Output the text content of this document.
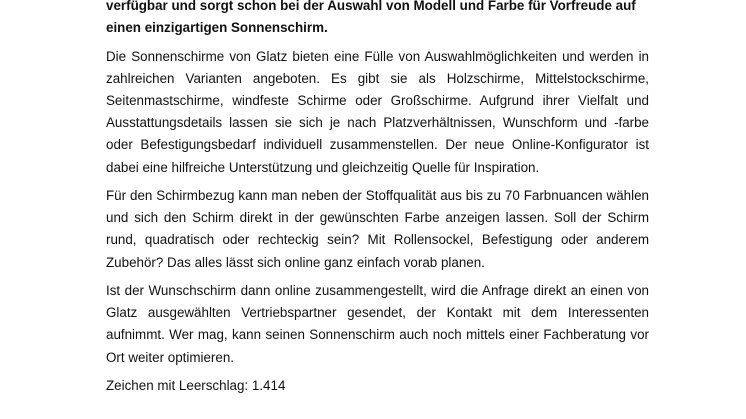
verfügbar und sorgt schon bei der Auswahl von Modell und Farbe für Vorfreude auf einen einzigartigen Sonnenschirm.

Die Sonnenschirme von Glatz bieten eine Fülle von Auswahlmöglichkeiten und werden in zahlreichen Varianten angeboten. Es gibt sie als Holzschirme, Mittelstockschirme, Seitenmastschirme, windfeste Schirme oder Großschirme. Aufgrund ihrer Vielfalt und Ausstattungsdetails lassen sie sich je nach Platzverhältnissen, Wunschform und -farbe oder Befestigungsbedarf individuell zusammenstellen. Der neue Online-Konfigurator ist dabei eine hilfreiche Unterstützung und gleichzeitig Quelle für Inspiration.

Für den Schirmbezug kann man neben der Stoffqualität aus bis zu 70 Farbnuancen wählen und sich den Schirm direkt in der gewünschten Farbe anzeigen lassen. Soll der Schirm rund, quadratisch oder rechteckig sein? Mit Rollensockel, Befestigung oder anderem Zubehör? Das alles lässt sich online ganz einfach vorab planen.

Ist der Wunschschirm dann online zusammengestellt, wird die Anfrage direkt an einen von Glatz ausgewählten Vertriebspartner gesendet, der Kontakt mit dem Interessenten aufnimmt. Wer mag, kann seinen Sonnenschirm auch noch mittels einer Fachberatung vor Ort weiter optimieren.

Zeichen mit Leerschlag: 1.414
